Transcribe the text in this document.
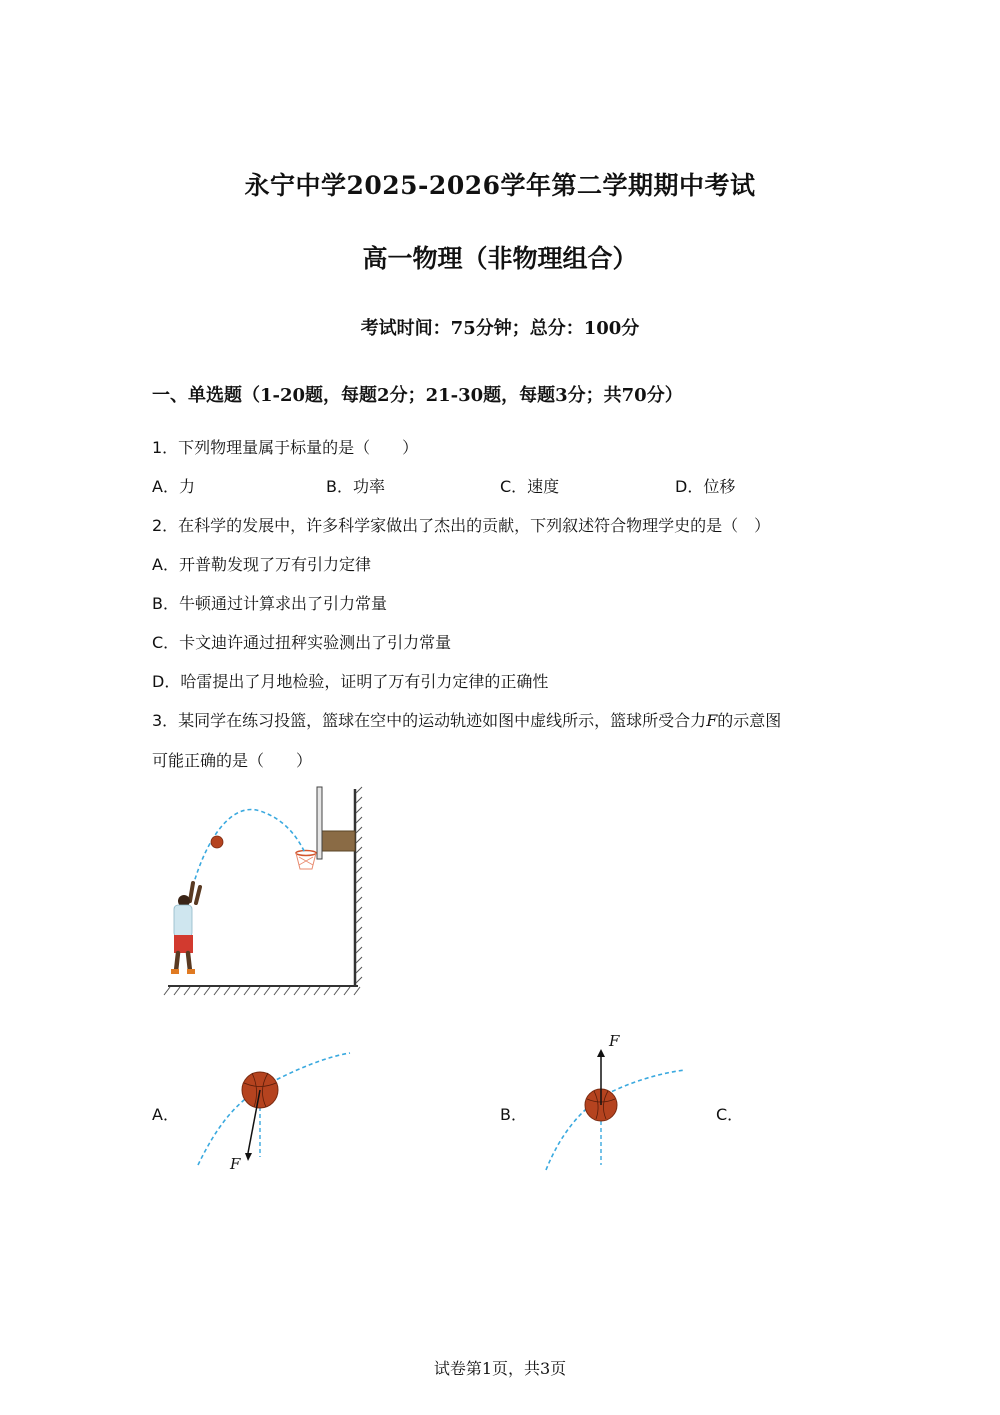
永宁中学2025-2026学年第二学期期中考试
高一物理（非物理组合）
考试时间：75分钟；总分：100分
一、单选题（1-20题，每题2分；21-30题，每题3分；共70分）
1．下列物理量属于标量的是（　　）
A．力	B．功率	C．速度	D．位移
2．在科学的发展中，许多科学家做出了杰出的贡献，下列叙述符合物理学史的是（　）
A．开普勒发现了万有引力定律
B．牛顿通过计算求出了引力常量
C．卡文迪许通过扭秤实验测出了引力常量
D．哈雷提出了月地检验，证明了万有引力定律的正确性
3．某同学在练习投篮，篮球在空中的运动轨迹如图中虚线所示，篮球所受合力F的示意图
可能正确的是（　　）
A．
F
B．
F
C．
试卷第1页，共3页
